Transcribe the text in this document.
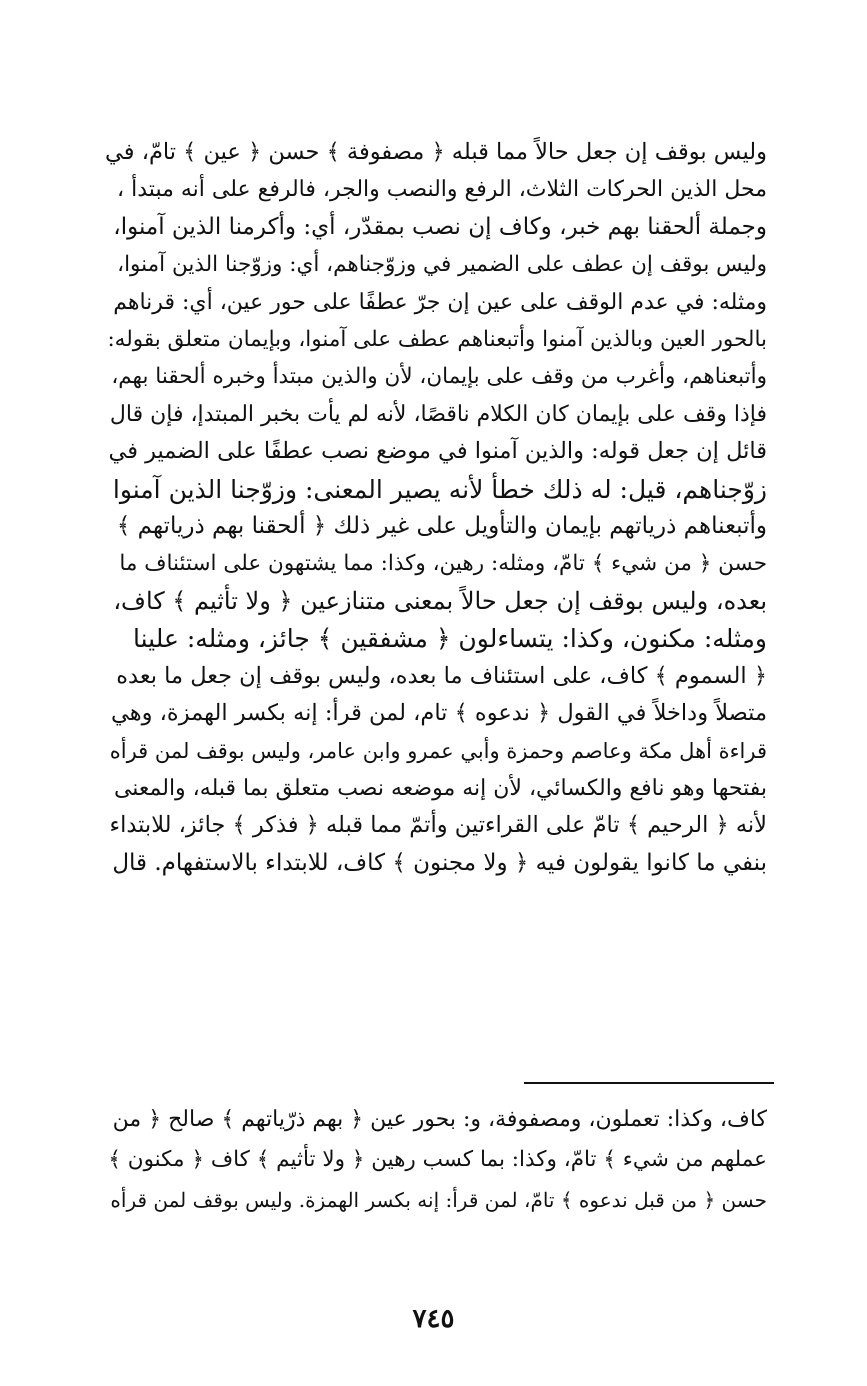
وليس بوقف إن جعل حالاً مما قبله ﴿ مصفوفة ﴾ حسن ﴿ عين ﴾ تامّ، في
محل الذين الحركات الثلاث، الرفع والنصب والجر، فالرفع على أنه مبتدأ ،
وجملة ألحقنا بهم خبر، وكاف إن نصب بمقدّر، أي: وأكرمنا الذين آمنوا،
وليس بوقف إن عطف على الضمير في وزوّجناهم، أي: وزوّجنا الذين آمنوا،
ومثله: في عدم الوقف على عين إن جرّ عطفًا على حور عين، أي: قرناهم
بالحور العين وبالذين آمنوا وأتبعناهم عطف على آمنوا، وبإيمان متعلق بقوله:
وأتبعناهم، وأغرب من وقف على بإيمان، لأن والذين مبتدأ وخبره ألحقنا بهم،
فإذا وقف على بإيمان كان الكلام ناقصًا، لأنه لم يأت بخبر المبتدإ، فإن قال
قائل إن جعل قوله: والذين آمنوا في موضع نصب عطفًا على الضمير في
زوّجناهم، قيل: له ذلك خطأ لأنه يصير المعنى: وزوّجنا الذين آمنوا
وأتبعناهم ذرياتهم بإيمان والتأويل على غير ذلك ﴿ ألحقنا بهم ذرياتهم ﴾
حسن ﴿ من شيء ﴾ تامّ، ومثله: رهين، وكذا: مما يشتهون على استئناف ما
بعده، وليس بوقف إن جعل حالاً بمعنى متنازعين ﴿ ولا تأثيم ﴾ كاف،
ومثله: مكنون، وكذا: يتساءلون ﴿ مشفقين ﴾ جائز، ومثله: علينا
﴿ السموم ﴾ كاف، على استئناف ما بعده، وليس بوقف إن جعل ما بعده
متصلاً وداخلاً في القول ﴿ ندعوه ﴾ تام، لمن قرأ: إنه بكسر الهمزة، وهي
قراءة أهل مكة وعاصم وحمزة وأبي عمرو وابن عامر، وليس بوقف لمن قرأه
بفتحها وهو نافع والكسائي، لأن إنه موضعه نصب متعلق بما قبله، والمعنى
لأنه ﴿ الرحيم ﴾ تامّ على القراءتين وأتمّ مما قبله ﴿ فذكر ﴾ جائز، للابتداء
بنفي ما كانوا يقولون فيه ﴿ ولا مجنون ﴾ كاف، للابتداء بالاستفهام. قال
كاف، وكذا: تعملون، ومصفوفة، و: بحور عين ﴿ بهم ذرّياتهم ﴾ صالح ﴿ من
عملهم من شيء ﴾ تامّ، وكذا: بما كسب رهين ﴿ ولا تأثيم ﴾ كاف ﴿ مكنون ﴾
حسن ﴿ من قبل ندعوه ﴾ تامّ، لمن قرأ: إنه بكسر الهمزة. وليس بوقف لمن قرأه
٧٤٥
